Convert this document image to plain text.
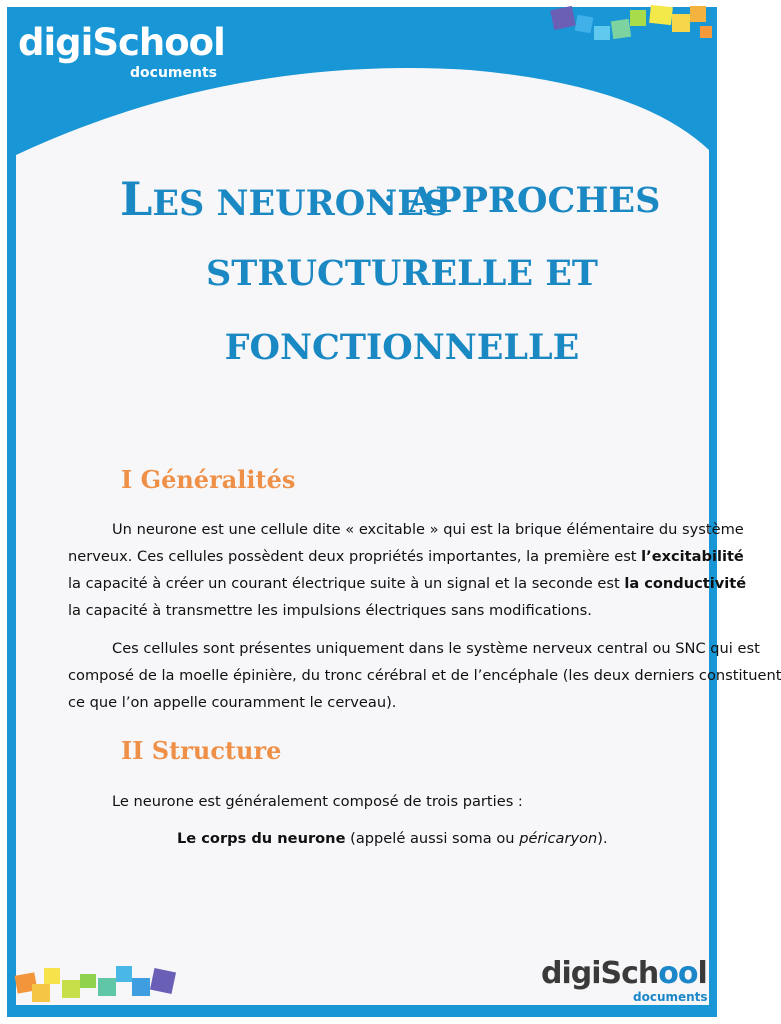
digiSchool
documents
LES NEURONES
: APPROCHES
STRUCTURELLE ET
FONCTIONNELLE
I Généralités
Un neurone est une cellule dite « excitable » qui est la brique élémentaire du système
nerveux. Ces cellules possèdent deux propriétés importantes, la première est l’excitabilité
la capacité à créer un courant électrique suite à un signal et la seconde est la conductivité
la capacité à transmettre les impulsions électriques sans modifications.
Ces cellules sont présentes uniquement dans le système nerveux central ou SNC qui est
composé de la moelle épinière, du tronc cérébral et de l’encéphale (les deux derniers constituent
ce que l’on appelle couramment le cerveau).
II Structure
Le neurone est généralement composé de trois parties :
Le corps du neurone (appelé aussi soma ou péricaryon).
digiSchool
documents
